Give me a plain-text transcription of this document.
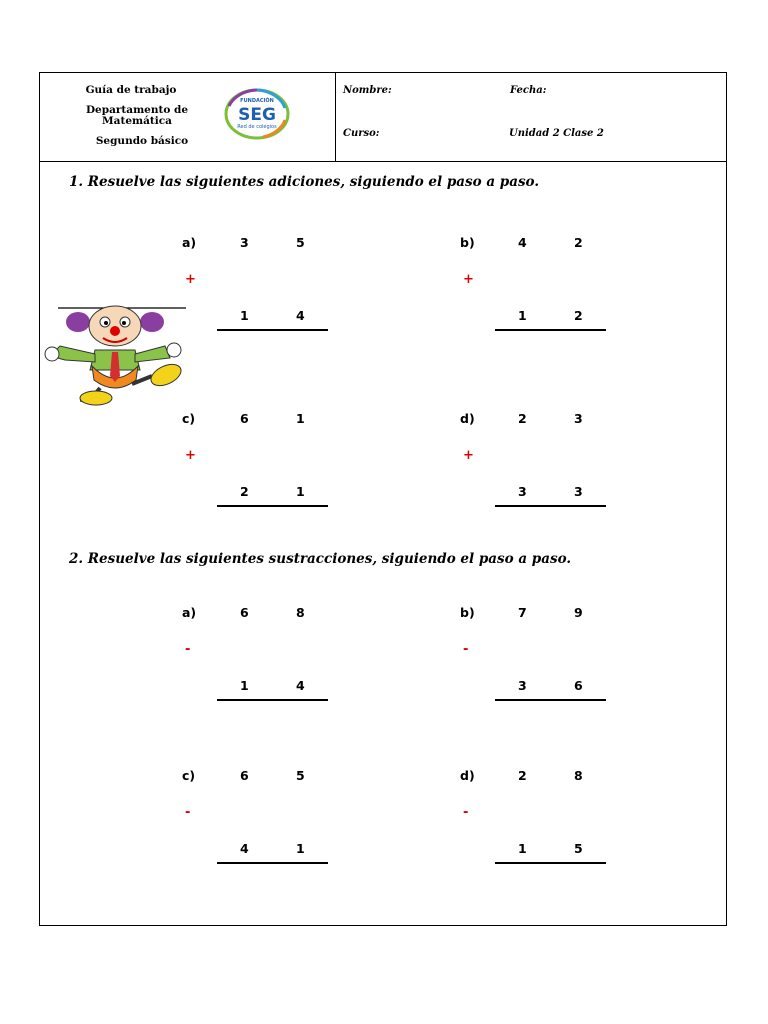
Guía de trabajo
Departamento de
Matemática
Segundo básico
FUNDACIÓN
SEG
Red de colegios
Nombre:	Fecha:
Curso:	Unidad 2 Clase 2
1. Resuelve las siguientes adiciones, siguiendo el paso a paso.
2. Resuelve las siguientes sustracciones, siguiendo el paso a paso.
a)	3	5
+
1	4
b)	4	2
+
1	2
c)	6	1
+
2	1
d)	2	3
+
3	3
a)	6	8
-
1	4
b)	7	9
-
3	6
c)	6	5
-
4	1
d)	2	8
-
1	5
